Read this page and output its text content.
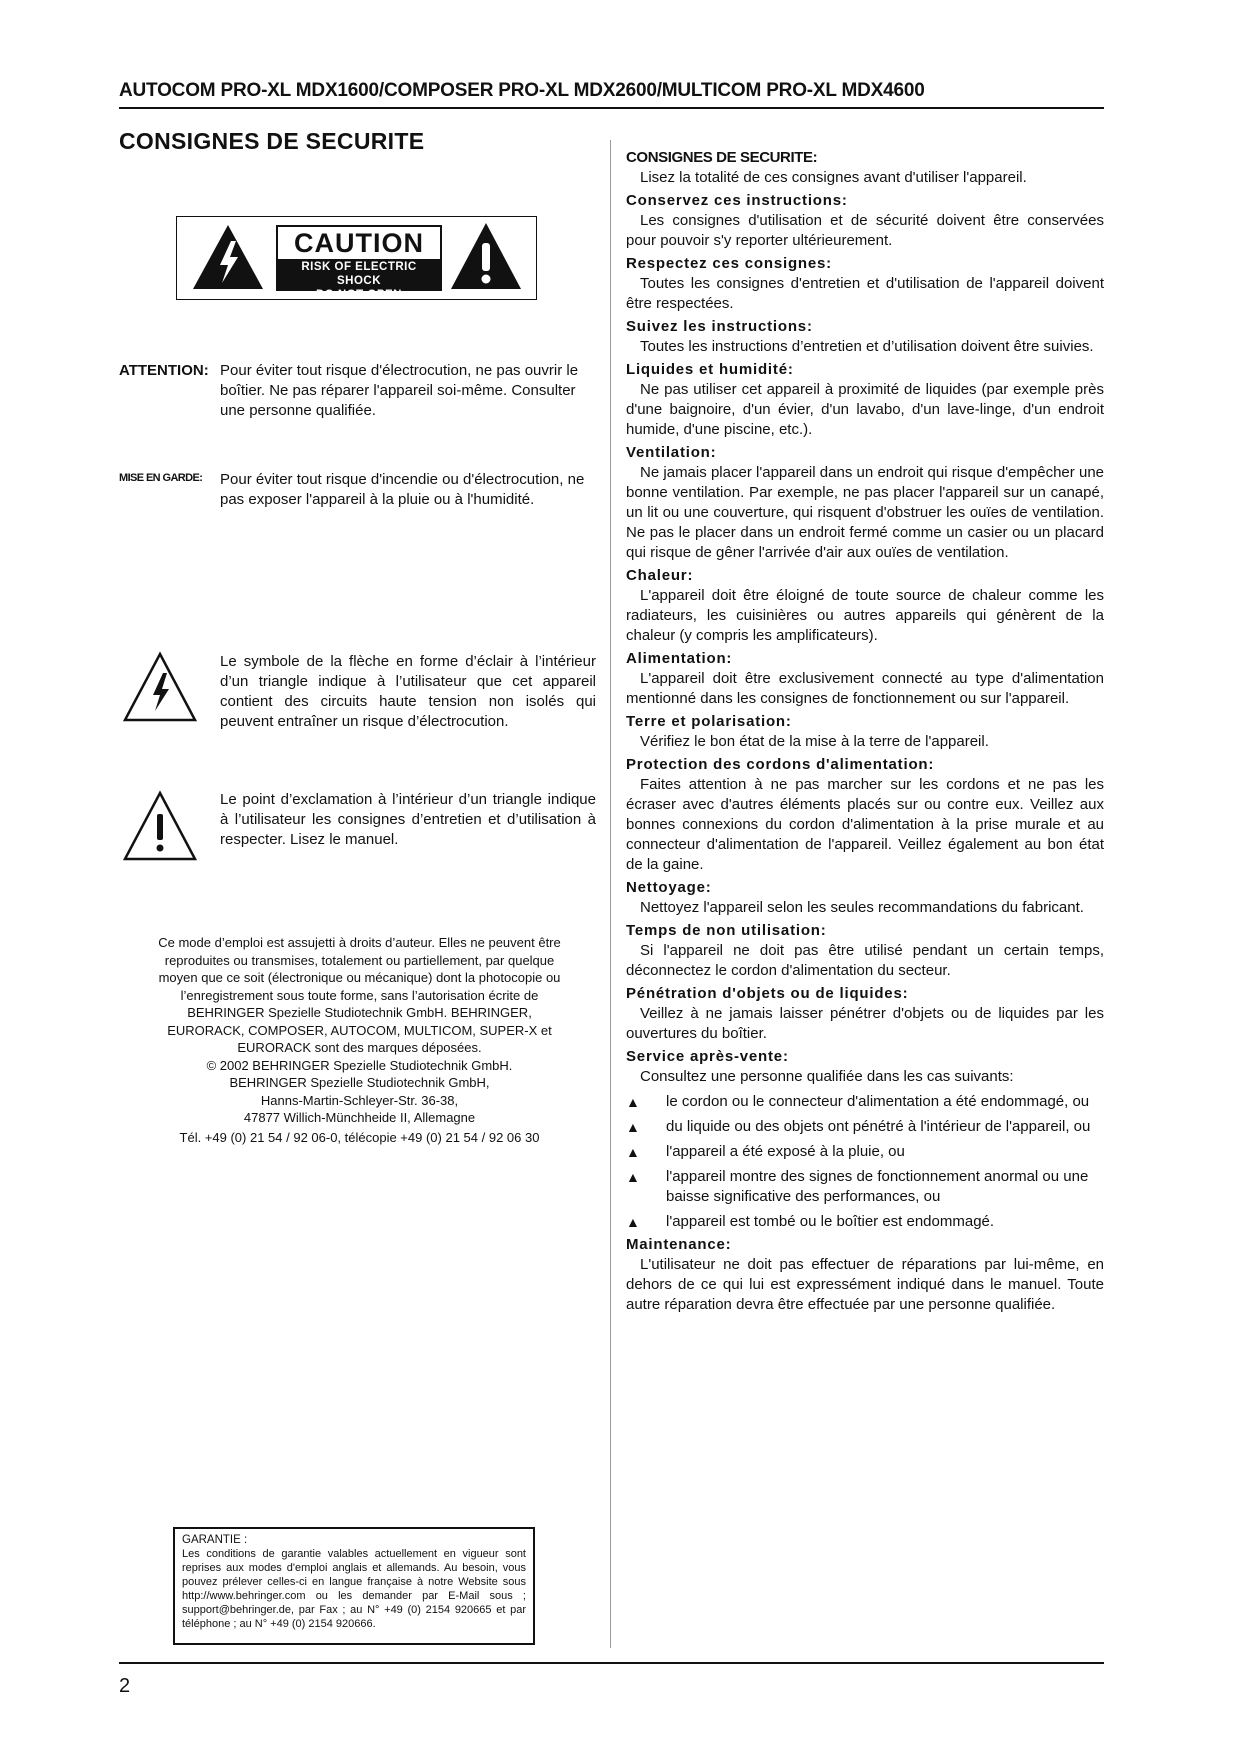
AUTOCOM PRO-XL MDX1600/COMPOSER PRO-XL MDX2600/MULTICOM PRO-XL MDX4600
CONSIGNES DE SECURITE
CAUTION
RISK OF ELECTRIC SHOCK
DO NOT OPEN
ATTENTION: Pour éviter tout risque d'électrocution, ne pas ouvrir le boîtier. Ne pas réparer l'appareil soi-même. Consulter une personne qualifiée.
MISE EN GARDE: Pour éviter tout risque d'incendie ou d'électrocution, ne pas exposer l'appareil à la pluie ou à l'humidité.
Le symbole de la flèche en forme d’éclair à l’intérieur d’un triangle indique à l’utilisateur que cet appareil contient des circuits haute tension non isolés qui peuvent entraîner un risque d’électrocution.
Le point d’exclamation à l’intérieur d’un triangle indique à l’utilisateur les consignes d’entretien et d’utilisation à respecter. Lisez le manuel.
Ce mode d’emploi est assujetti à droits d’auteur. Elles ne peuvent être
reproduites ou transmises, totalement ou partiellement, par quelque
moyen que ce soit (électronique ou mécanique) dont la photocopie ou
l’enregistrement sous toute forme, sans l’autorisation écrite de
BEHRINGER Spezielle Studiotechnik GmbH. BEHRINGER,
EURORACK, COMPOSER, AUTOCOM, MULTICOM, SUPER-X et
EURORACK sont des marques déposées.
© 2002 BEHRINGER Spezielle Studiotechnik GmbH.
BEHRINGER Spezielle Studiotechnik GmbH,
Hanns-Martin-Schleyer-Str. 36-38,
47877 Willich-Münchheide II, Allemagne
Tél. +49 (0) 21 54 / 92 06-0, télécopie +49 (0) 21 54 / 92 06 30
GARANTIE :
Les conditions de garantie valables actuellement en vigueur sont reprises aux modes d'emploi anglais et allemands. Au besoin, vous pouvez prélever celles-ci en langue française à notre Website sous http://www.behringer.com ou les demander par E-Mail sous ; support@behringer.de, par Fax ; au N° +49 (0) 2154 920665 et par téléphone ; au N° +49 (0) 2154 920666.
CONSIGNES DE SECURITE:
Lisez la totalité de ces consignes avant d'utiliser l'appareil.
Conservez ces instructions:
Les consignes d'utilisation et de sécurité doivent être conservées pour pouvoir s'y reporter ultérieurement.
Respectez ces consignes:
Toutes les consignes d'entretien et d'utilisation de l'appareil doivent être respectées.
Suivez les instructions:
Toutes les instructions d’entretien et d’utilisation doivent être suivies.
Liquides et humidité:
Ne pas utiliser cet appareil à proximité de liquides (par exemple près d'une baignoire, d'un évier, d'un lavabo, d'un lave-linge, d'un endroit humide, d'une piscine, etc.).
Ventilation:
Ne jamais placer l'appareil dans un endroit qui risque d'empêcher une bonne ventilation. Par exemple, ne pas placer l'appareil sur un canapé, un lit ou une couverture, qui risquent d'obstruer les ouïes de ventilation. Ne pas le placer dans un endroit fermé comme un casier ou un placard qui risque de gêner l'arrivée d'air aux ouïes de ventilation.
Chaleur:
L'appareil doit être éloigné de toute source de chaleur comme les radiateurs, les cuisinières ou autres appareils qui génèrent de la chaleur (y compris les amplificateurs).
Alimentation:
L'appareil doit être exclusivement connecté au type d'alimentation mentionné dans les consignes de fonctionnement ou sur l'appareil.
Terre et polarisation:
Vérifiez le bon état de la mise à la terre de l'appareil.
Protection des cordons d'alimentation:
Faites attention à ne pas marcher sur les cordons et ne pas les écraser avec d'autres éléments placés sur ou contre eux. Veillez aux bonnes connexions du cordon d'alimentation à la prise murale et au connecteur d'alimentation de l'appareil. Veillez également au bon état de la gaine.
Nettoyage:
Nettoyez l'appareil selon les seules recommandations du fabricant.
Temps de non utilisation:
Si l'appareil ne doit pas être utilisé pendant un certain temps, déconnectez le cordon d'alimentation du secteur.
Pénétration d'objets ou de liquides:
Veillez à ne jamais laisser pénétrer d'objets ou de liquides par les ouvertures du boîtier.
Service après-vente:
Consultez une personne qualifiée dans les cas suivants:
▲	le cordon ou le connecteur d'alimentation a été endommagé, ou
▲	du liquide ou des objets ont pénétré à l'intérieur de l'appareil, ou
▲	l'appareil a été exposé à la pluie, ou
▲	l'appareil montre des signes de fonctionnement anormal ou une baisse significative des performances, ou
▲	l'appareil est tombé ou le boîtier est endommagé.
Maintenance:
L'utilisateur ne doit pas effectuer de réparations par lui-même, en dehors de ce qui lui est expressément indiqué dans le manuel. Toute autre réparation devra être effectuée par une personne qualifiée.
2
